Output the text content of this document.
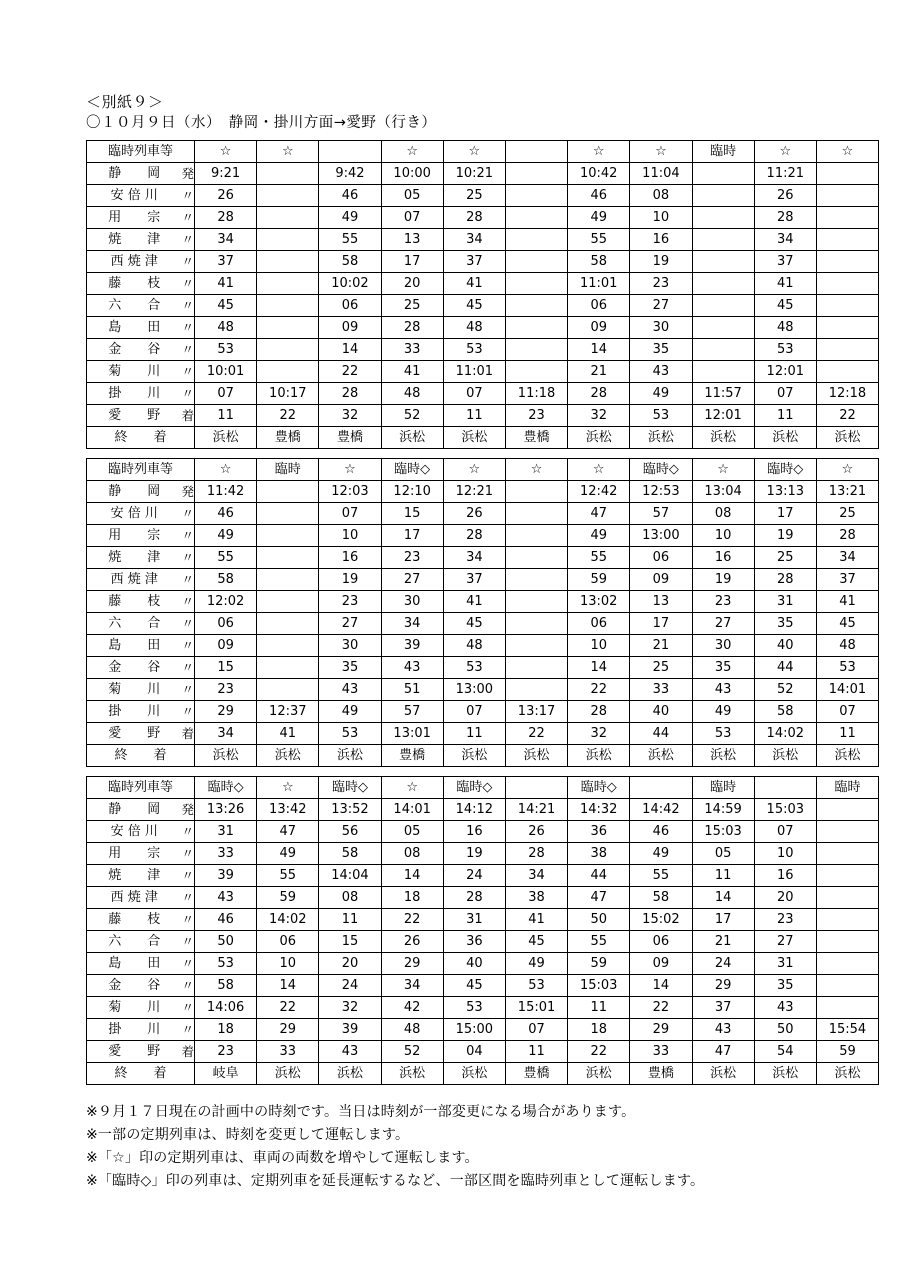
＜別紙９＞
〇１０月９日（水）　静岡・掛川方面→愛野（行き）
臨時列車等	☆	☆		☆	☆		☆	☆	臨時	☆	☆
静　　岡 発	9:21		9:42	10:00	10:21		10:42	11:04		11:21	
安 倍 川 〃	26		46	05	25		46	08		26	
用　　宗 〃	28		49	07	28		49	10		28	
焼　　津 〃	34		55	13	34		55	16		34	
西 焼 津 〃	37		58	17	37		58	19		37	
藤　　枝 〃	41		10:02	20	41		11:01	23		41	
六　　合 〃	45		06	25	45		06	27		45	
島　　田 〃	48		09	28	48		09	30		48	
金　　谷 〃	53		14	33	53		14	35		53	
菊　　川 〃	10:01		22	41	11:01		21	43		12:01	
掛　　川 〃	07	10:17	28	48	07	11:18	28	49	11:57	07	12:18
愛　　野 着	11	22	32	52	11	23	32	53	12:01	11	22
終　　着	浜松	豊橋	豊橋	浜松	浜松	豊橋	浜松	浜松	浜松	浜松	浜松
臨時列車等	☆	臨時	☆	臨時◇	☆	☆	☆	臨時◇	☆	臨時◇	☆
静　　岡 発	11:42		12:03	12:10	12:21		12:42	12:53	13:04	13:13	13:21
安 倍 川 〃	46		07	15	26		47	57	08	17	25
用　　宗 〃	49		10	17	28		49	13:00	10	19	28
焼　　津 〃	55		16	23	34		55	06	16	25	34
西 焼 津 〃	58		19	27	37		59	09	19	28	37
藤　　枝 〃	12:02		23	30	41		13:02	13	23	31	41
六　　合 〃	06		27	34	45		06	17	27	35	45
島　　田 〃	09		30	39	48		10	21	30	40	48
金　　谷 〃	15		35	43	53		14	25	35	44	53
菊　　川 〃	23		43	51	13:00		22	33	43	52	14:01
掛　　川 〃	29	12:37	49	57	07	13:17	28	40	49	58	07
愛　　野 着	34	41	53	13:01	11	22	32	44	53	14:02	11
終　　着	浜松	浜松	浜松	豊橋	浜松	浜松	浜松	浜松	浜松	浜松	浜松
臨時列車等	臨時◇	☆	臨時◇	☆	臨時◇		臨時◇		臨時		臨時
静　　岡 発	13:26	13:42	13:52	14:01	14:12	14:21	14:32	14:42	14:59	15:03	
安 倍 川 〃	31	47	56	05	16	26	36	46	15:03	07	
用　　宗 〃	33	49	58	08	19	28	38	49	05	10	
焼　　津 〃	39	55	14:04	14	24	34	44	55	11	16	
西 焼 津 〃	43	59	08	18	28	38	47	58	14	20	
藤　　枝 〃	46	14:02	11	22	31	41	50	15:02	17	23	
六　　合 〃	50	06	15	26	36	45	55	06	21	27	
島　　田 〃	53	10	20	29	40	49	59	09	24	31	
金　　谷 〃	58	14	24	34	45	53	15:03	14	29	35	
菊　　川 〃	14:06	22	32	42	53	15:01	11	22	37	43	
掛　　川 〃	18	29	39	48	15:00	07	18	29	43	50	15:54
愛　　野 着	23	33	43	52	04	11	22	33	47	54	59
終　　着	岐阜	浜松	浜松	浜松	浜松	豊橋	浜松	豊橋	浜松	浜松	浜松
※９月１７日現在の計画中の時刻です。当日は時刻が一部変更になる場合があります。
※一部の定期列車は、時刻を変更して運転します。
※「☆」印の定期列車は、車両の両数を増やして運転します。
※「臨時◇」印の列車は、定期列車を延長運転するなど、一部区間を臨時列車として運転します。
